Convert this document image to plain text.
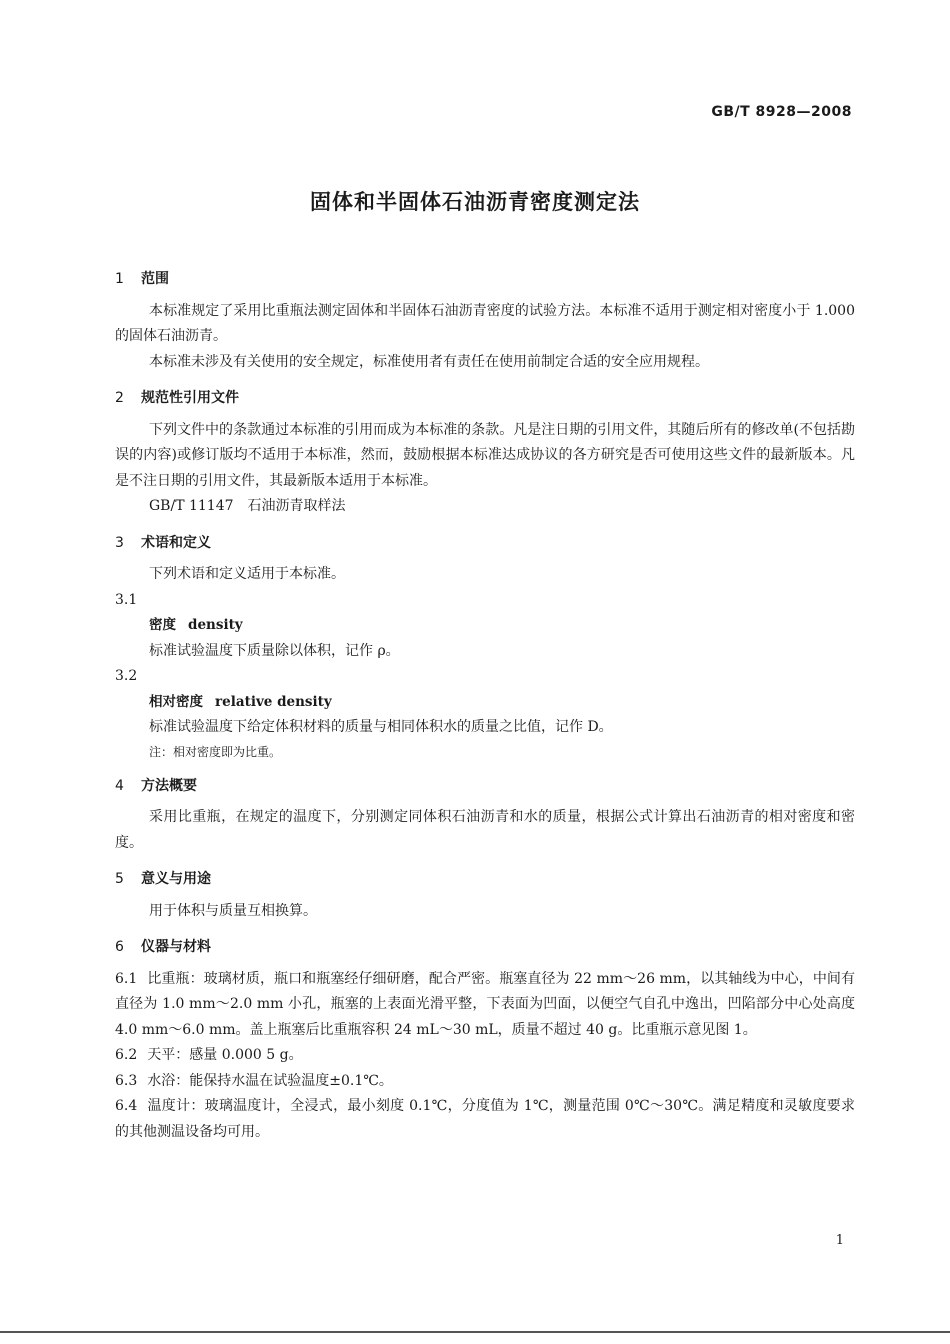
GB/T 8928—2008
固体和半固体石油沥青密度测定法
1 范围

本标准规定了采用比重瓶法测定固体和半固体石油沥青密度的试验方法。本标准不适用于测定相对密度小于 1.000 的固体石油沥青。

本标准未涉及有关使用的安全规定，标准使用者有责任在使用前制定合适的安全应用规程。

2 规范性引用文件

下列文件中的条款通过本标准的引用而成为本标准的条款。凡是注日期的引用文件，其随后所有的修改单(不包括勘误的内容)或修订版均不适用于本标准，然而，鼓励根据本标准达成协议的各方研究是否可使用这些文件的最新版本。凡是不注日期的引用文件，其最新版本适用于本标准。

GB/T 11147 石油沥青取样法

3 术语和定义

下列术语和定义适用于本标准。

3.1

密度 density

标准试验温度下质量除以体积，记作 ρ。

3.2

相对密度 relative density

标准试验温度下给定体积材料的质量与相同体积水的质量之比值，记作 D。

注：相对密度即为比重。

4 方法概要

采用比重瓶，在规定的温度下，分别测定同体积石油沥青和水的质量，根据公式计算出石油沥青的相对密度和密度。

5 意义与用途

用于体积与质量互相换算。

6 仪器与材料

6.1 比重瓶：玻璃材质，瓶口和瓶塞经仔细研磨，配合严密。瓶塞直径为 22 mm～26 mm，以其轴线为中心，中间有直径为 1.0 mm～2.0 mm 小孔，瓶塞的上表面光滑平整，下表面为凹面，以便空气自孔中逸出，凹陷部分中心处高度 4.0 mm～6.0 mm。盖上瓶塞后比重瓶容积 24 mL～30 mL，质量不超过 40 g。比重瓶示意见图 1。

6.2 天平：感量 0.000 5 g。

6.3 水浴：能保持水温在试验温度±0.1℃。

6.4 温度计：玻璃温度计，全浸式，最小刻度 0.1℃，分度值为 1℃，测量范围 0℃～30℃。满足精度和灵敏度要求的其他测温设备均可用。

1
